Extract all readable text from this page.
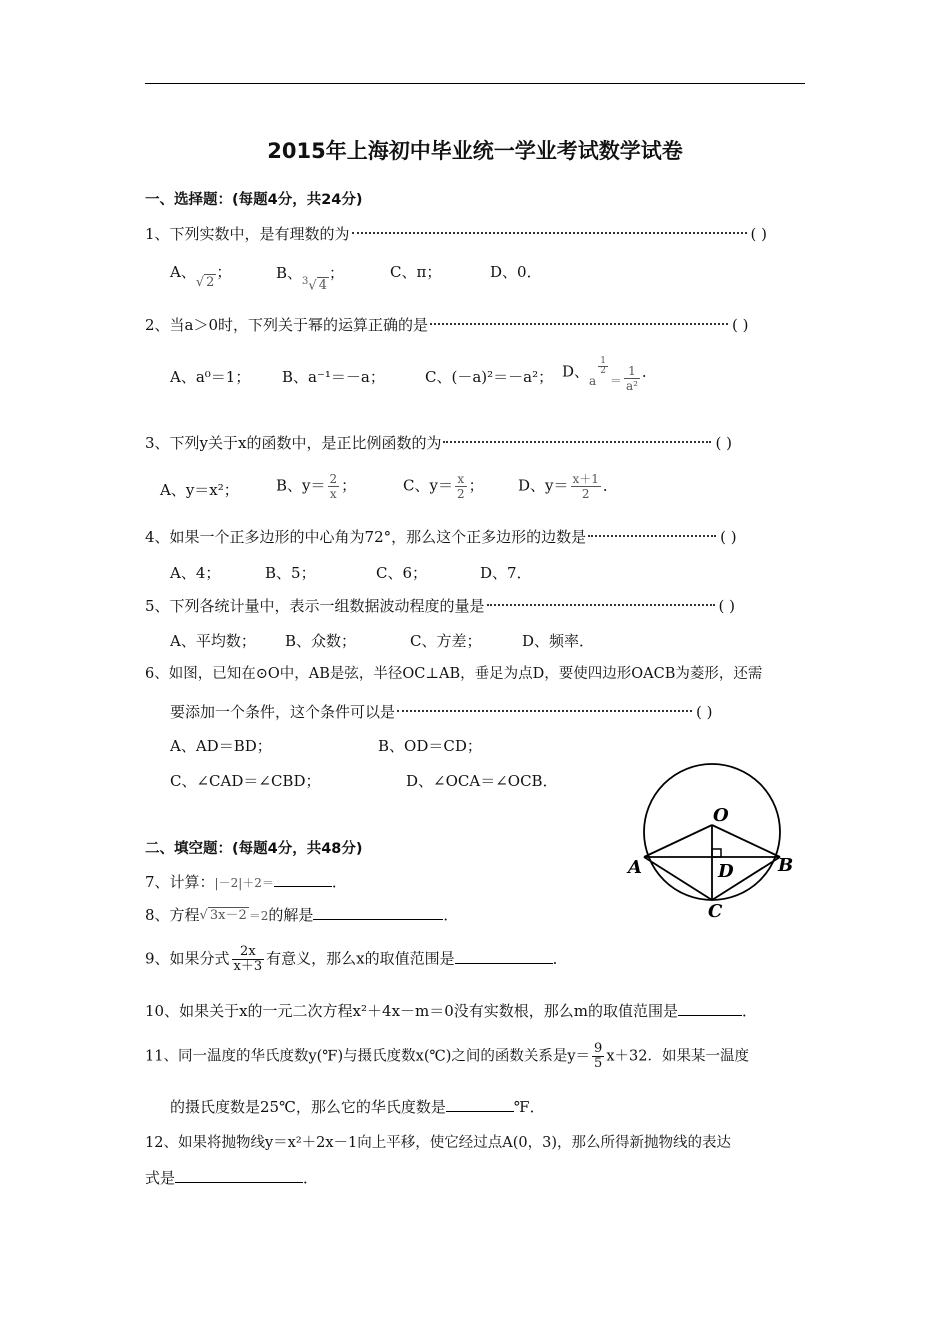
2015年上海初中毕业统一学业考试数学试卷
一、选择题：(每题4分，共24分)
1、下列实数中，是有理数的为	( )
A、√ 2；	B、$^3$√ 4；	C、π；	D、0．
2、当a＞0时，下列关于幂的运算正确的是	( )
A、a⁰＝1； B、a⁻¹＝－a；	C、(－a)²＝－a²； D、$_a$
$\frac{1}{2}$
$_= \frac{1}{\text{a²}}$ ．
3、下列y关于x的函数中，是正比例函数的为	( )
A、y＝x²； B、$y= \frac{2}{x}$ ；	C、$y= \frac{x}{2}$ ； D、$y= \frac{x+1}{2}$ ．
4、如果一个正多边形的中心角为72°，那么这个正多边形的边数是	( )
A、4；	B、5；	C、6；	D、7．
5、下列各统计量中，表示一组数据波动程度的量是	( )
A、平均数； B、众数；	C、方差；	D、频率．
6、如图，已知在⊙O中，AB是弦，半径OC⊥AB，垂足为点D，要使四边形OACB为菱形，还需
要添加一个条件，这个条件可以是	( )
A、AD＝BD；	B、OD＝CD；
C、∠CAD＝∠CBD；	D、∠OCA＝∠OCB．
O
A	B
C
D
二、填空题：(每题4分，共48分)
7、计算：|－2|＋2＝	．
8、方程√ 3x－2 ＝2的解是	．
9、如果分式 $\frac{2x}{x+3}$ 有意义，那么x的取值范围是	．
10、如果关于x的一元二次方程x²＋4x－m＝0没有实数根，那么m的取值范围是	．
11、同一温度的华氏度数y(℉)与摄氏度数x(℃)之间的函数关系是$y= \frac{9}{5} x+32$．如果某一温度
的摄氏度数是25℃，那么它的华氏度数是	℉．
12、如果将抛物线y＝x²＋2x－1向上平移，使它经过点A(0，3)，那么所得新抛物线的表达
式是	．
